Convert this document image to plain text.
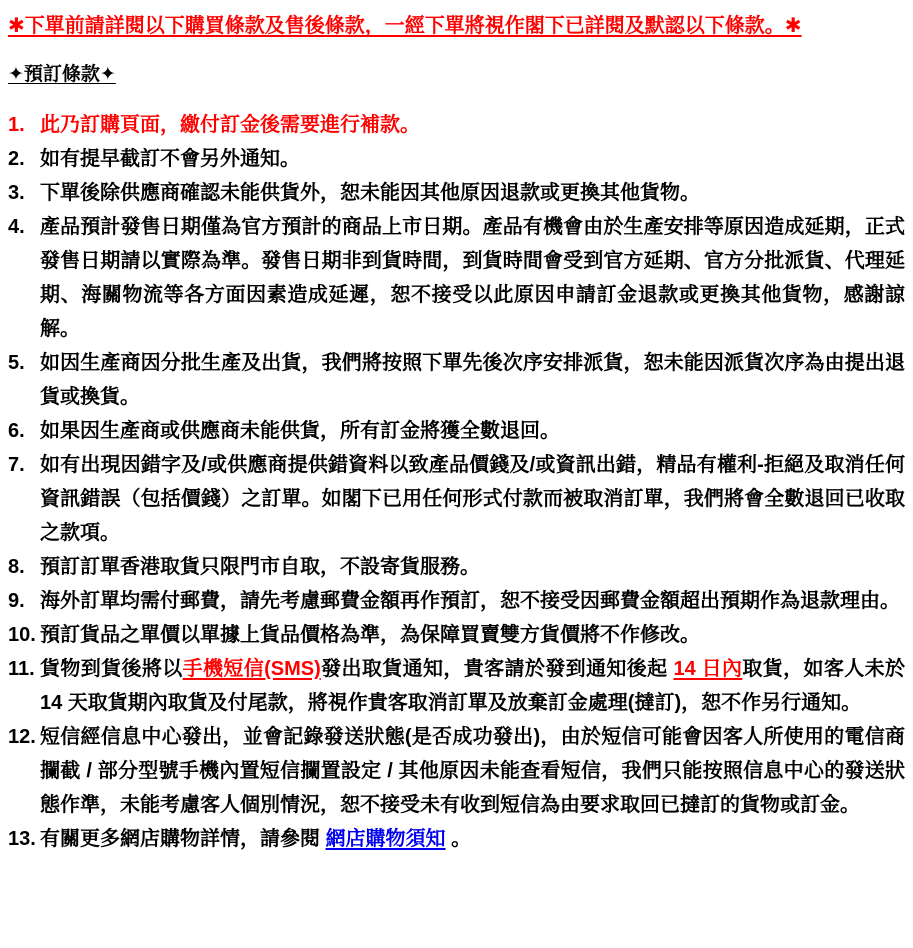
✱下單前請詳閱以下購買條款及售後條款，一經下單將視作閣下已詳閱及默認以下條款。✱
✦預訂條款✦
1. 此乃訂購頁面，繳付訂金後需要進行補款。
2. 如有提早截訂不會另外通知。
3. 下單後除供應商確認未能供貨外，恕未能因其他原因退款或更換其他貨物。
4. 產品預計發售日期僅為官方預計的商品上市日期。產品有機會由於生產安排等原因造成延期，正式發售日期請以實際為準。發售日期非到貨時間，到貨時間會受到官方延期、官方分批派貨、代理延期、海關物流等各方面因素造成延遲，恕不接受以此原因申請訂金退款或更換其他貨物，感謝諒解。
5. 如因生產商因分批生產及出貨，我們將按照下單先後次序安排派貨，恕未能因派貨次序為由提出退貨或換貨。
6. 如果因生產商或供應商未能供貨，所有訂金將獲全數退回。
7. 如有出現因錯字及/或供應商提供錯資料以致產品價錢及/或資訊出錯，精品有權利-拒絕及取消任何資訊錯誤（包括價錢）之訂單。如閣下已用任何形式付款而被取消訂單，我們將會全數退回已收取之款項。
8. 預訂訂單香港取貨只限門市自取，不設寄貨服務。
9. 海外訂單均需付郵費，請先考慮郵費金額再作預訂，恕不接受因郵費金額超出預期作為退款理由。
10. 預訂貨品之單價以單據上貨品價格為準，為保障買賣雙方貨價將不作修改。
11. 貨物到貨後將以手機短信(SMS)發出取貨通知，貴客請於發到通知後起 14 日內取貨，如客人未於 14 天取貨期內取貨及付尾款，將視作貴客取消訂單及放棄訂金處理(撻訂)，恕不作另行通知。
12. 短信經信息中心發出，並會記錄發送狀態(是否成功發出)，由於短信可能會因客人所使用的電信商攔截 / 部分型號手機內置短信攔置設定 / 其他原因未能查看短信，我們只能按照信息中心的發送狀態作準，未能考慮客人個別情況，恕不接受未有收到短信為由要求取回已撻訂的貨物或訂金。
13. 有關更多網店購物詳情，請參閱 網店購物須知 。
